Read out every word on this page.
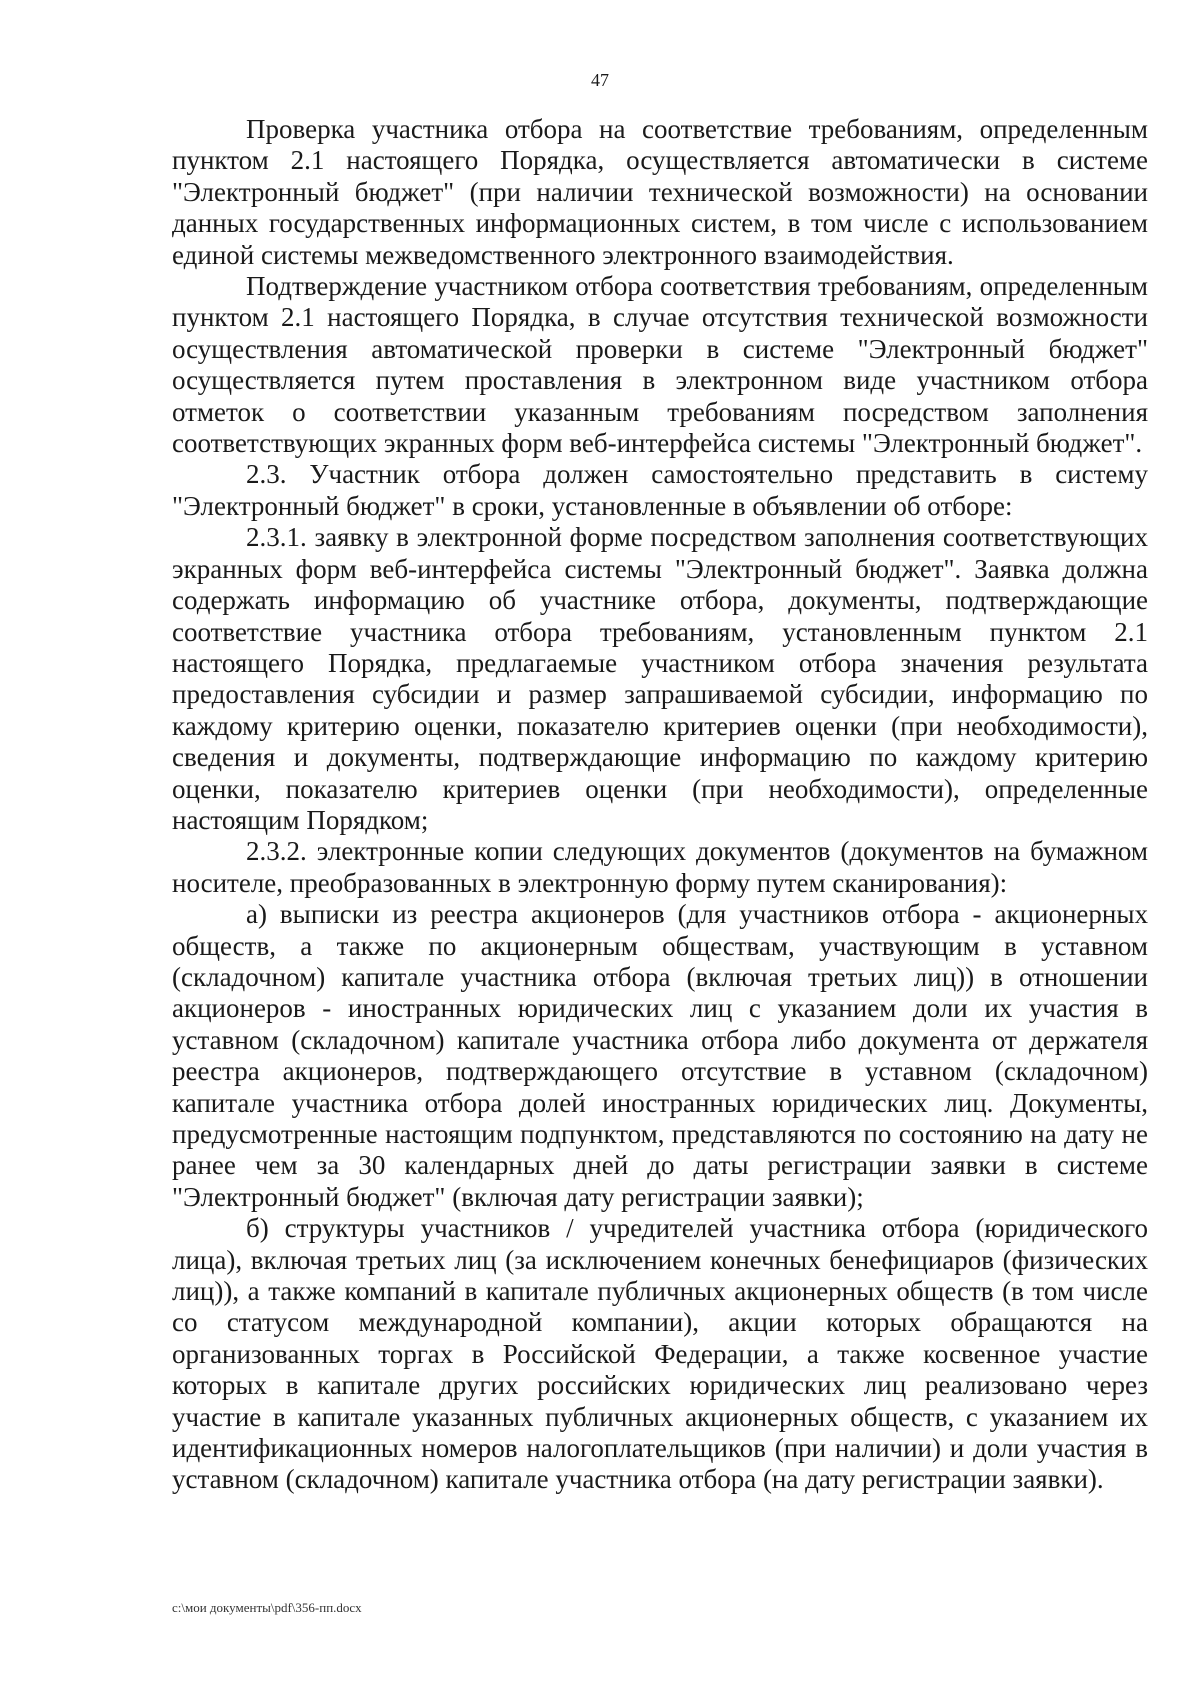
47

Проверка участника отбора на соответствие требованиям, определенным пунктом 2.1 настоящего Порядка, осуществляется автоматически в системе "Электронный бюджет" (при наличии технической возможности) на основании данных государственных информационных систем, в том числе с использованием единой системы межведомственного электронного взаимодействия.

Подтверждение участником отбора соответствия требованиям, определенным пунктом 2.1 настоящего Порядка, в случае отсутствия технической возможности осуществления автоматической проверки в системе "Электронный бюджет" осуществляется путем проставления в электронном виде участником отбора отметок о соответствии указанным требованиям посредством заполнения соответствующих экранных форм веб-интерфейса системы "Электронный бюджет".

2.3. Участник отбора должен самостоятельно представить в систему "Электронный бюджет" в сроки, установленные в объявлении об отборе:

2.3.1. заявку в электронной форме посредством заполнения соответствующих экранных форм веб-интерфейса системы "Электронный бюджет". Заявка должна содержать информацию об участнике отбора, документы, подтверждающие соответствие участника отбора требованиям, установленным пунктом 2.1 настоящего Порядка, предлагаемые участником отбора значения результата предоставления субсидии и размер запрашиваемой субсидии, информацию по каждому критерию оценки, показателю критериев оценки (при необходимости), сведения и документы, подтверждающие информацию по каждому критерию оценки, показателю критериев оценки (при необходимости), определенные настоящим Порядком;

2.3.2. электронные копии следующих документов (документов на бумажном носителе, преобразованных в электронную форму путем сканирования):

а) выписки из реестра акционеров (для участников отбора - акционерных обществ, а также по акционерным обществам, участвующим в уставном (складочном) капитале участника отбора (включая третьих лиц)) в отношении акционеров - иностранных юридических лиц с указанием доли их участия в уставном (складочном) капитале участника отбора либо документа от держателя реестра акционеров, подтверждающего отсутствие в уставном (складочном) капитале участника отбора долей иностранных юридических лиц. Документы, предусмотренные настоящим подпунктом, представляются по состоянию на дату не ранее чем за 30 календарных дней до даты регистрации заявки в системе "Электронный бюджет" (включая дату регистрации заявки);

б) структуры участников / учредителей участника отбора (юридического лица), включая третьих лиц (за исключением конечных бенефициаров (физических лиц)), а также компаний в капитале публичных акционерных обществ (в том числе со статусом международной компании), акции которых обращаются на организованных торгах в Российской Федерации, а также косвенное участие которых в капитале других российских юридических лиц реализовано через участие в капитале указанных публичных акционерных обществ, с указанием их идентификационных номеров налогоплательщиков (при наличии) и доли участия в уставном (складочном) капитале участника отбора (на дату регистрации заявки).

c:\мои документы\pdf\356-пп.docx
